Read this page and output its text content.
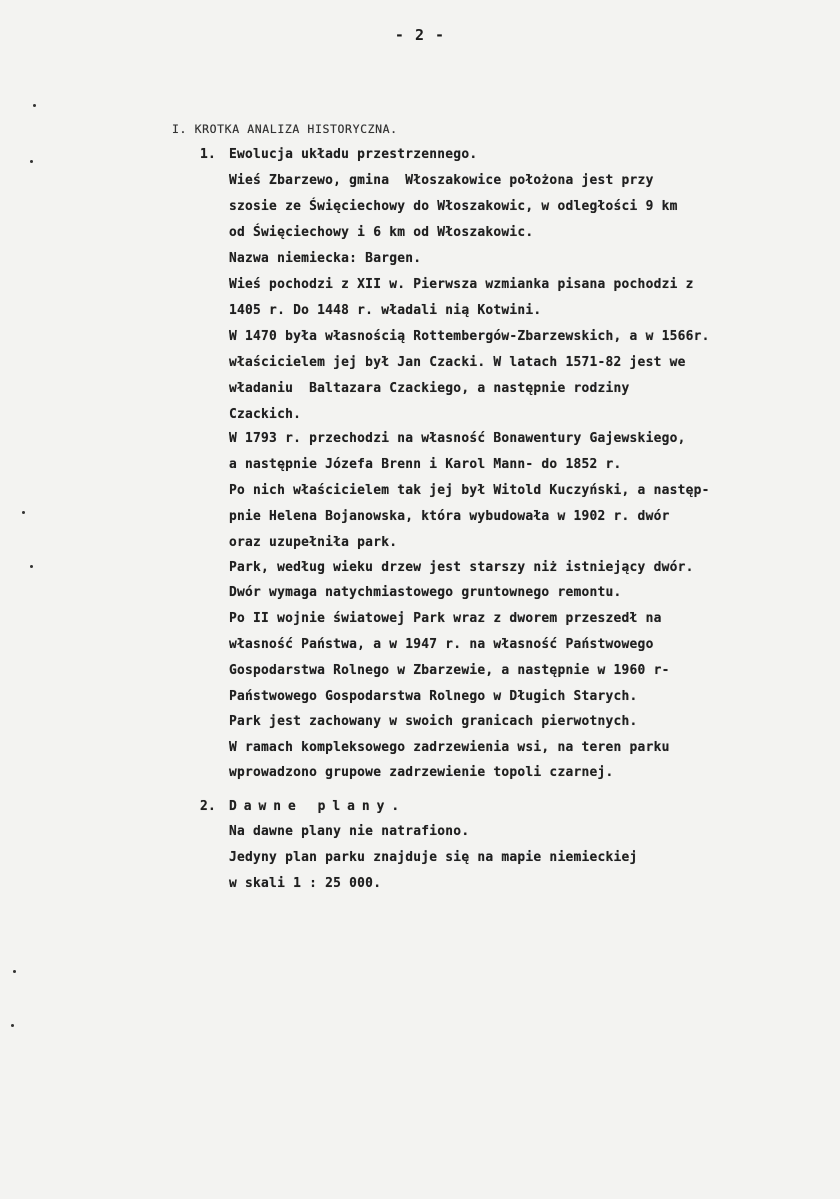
- 2 -
I. KROTKA ANALIZA HISTORYCZNA.
1. Ewolucja układu przestrzennego.
Wieś Zbarzewo, gmina  Włoszakowice położona jest przy
szosie ze Święciechowy do Włoszakowic, w odległości 9 km
od Święciechowy i 6 km od Włoszakowic.
Nazwa niemiecka: Bargen.
Wieś pochodzi z XII w. Pierwsza wzmianka pisana pochodzi z
1405 r. Do 1448 r. władali nią Kotwini.
W 1470 była własnością Rottembergów-Zbarzewskich, a w 1566r.
właścicielem jej był Jan Czacki. W latach 1571-82 jest we
władaniu  Baltazara Czackiego, a następnie rodziny
Czackich.
W 1793 r. przechodzi na własność Bonawentury Gajewskiego,
a następnie Józefa Brenn i Karol Mann- do 1852 r.
Po nich właścicielem tak jej był Witold Kuczyński, a następ-
pnie Helena Bojanowska, która wybudowała w 1902 r. dwór
oraz uzupełniła park.
Park, według wieku drzew jest starszy niż istniejący dwór.
Dwór wymaga natychmiastowego gruntownego remontu.
Po II wojnie światowej Park wraz z dworem przeszedł na
własność Państwa, a w 1947 r. na własność Państwowego
Gospodarstwa Rolnego w Zbarzewie, a następnie w 1960 r-
Państwowego Gospodarstwa Rolnego w Długich Starych.
Park jest zachowany w swoich granicach pierwotnych.
W ramach kompleksowego zadrzewienia wsi, na teren parku
wprowadzono grupowe zadrzewienie topoli czarnej.
2. Dawne plany.
Na dawne plany nie natrafiono.
Jedyny plan parku znajduje się na mapie niemieckiej
w skali 1 : 25 000.
